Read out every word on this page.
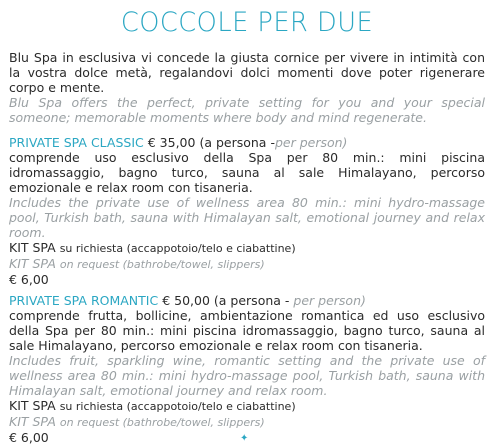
COCCOLE PER DUE

Blu Spa in esclusiva vi concede la giusta cornice per vivere in intimità con la vostra dolce metà, regalandovi dolci momenti dove poter rigenerare corpo e mente.

Blu Spa offers the perfect, private setting for you and your special someone; memorable moments where body and mind regenerate.

PRIVATE SPA CLASSIC € 35,00 (a persona -per person)

comprende uso esclusivo della Spa per 80 min.: mini piscina idromassaggio, bagno turco, sauna al sale Himalayano, percorso emozionale e relax room con tisaneria.

Includes the private use of wellness area 80 min.: mini hydro-massage pool, Turkish bath, sauna with Himalayan salt, emotional journey and relax room.

KIT SPA su richiesta (accappotoio/telo e ciabattine)

KIT SPA on request (bathrobe/towel, slippers)

€ 6,00

PRIVATE SPA ROMANTIC € 50,00 (a persona - per person)

comprende frutta, bollicine, ambientazione romantica ed uso esclusivo della Spa per 80 min.: mini piscina idromassaggio, bagno turco, sauna al sale Himalayano, percorso emozionale e relax room con tisaneria.

Includes fruit, sparkling wine, romantic setting and the private use of wellness area 80 min.: mini hydro-massage pool, Turkish bath, sauna with Himalayan salt, emotional journey and relax room.

KIT SPA su richiesta (accappotoio/telo e ciabattine)

KIT SPA on request (bathrobe/towel, slippers)

€ 6,00	✦
